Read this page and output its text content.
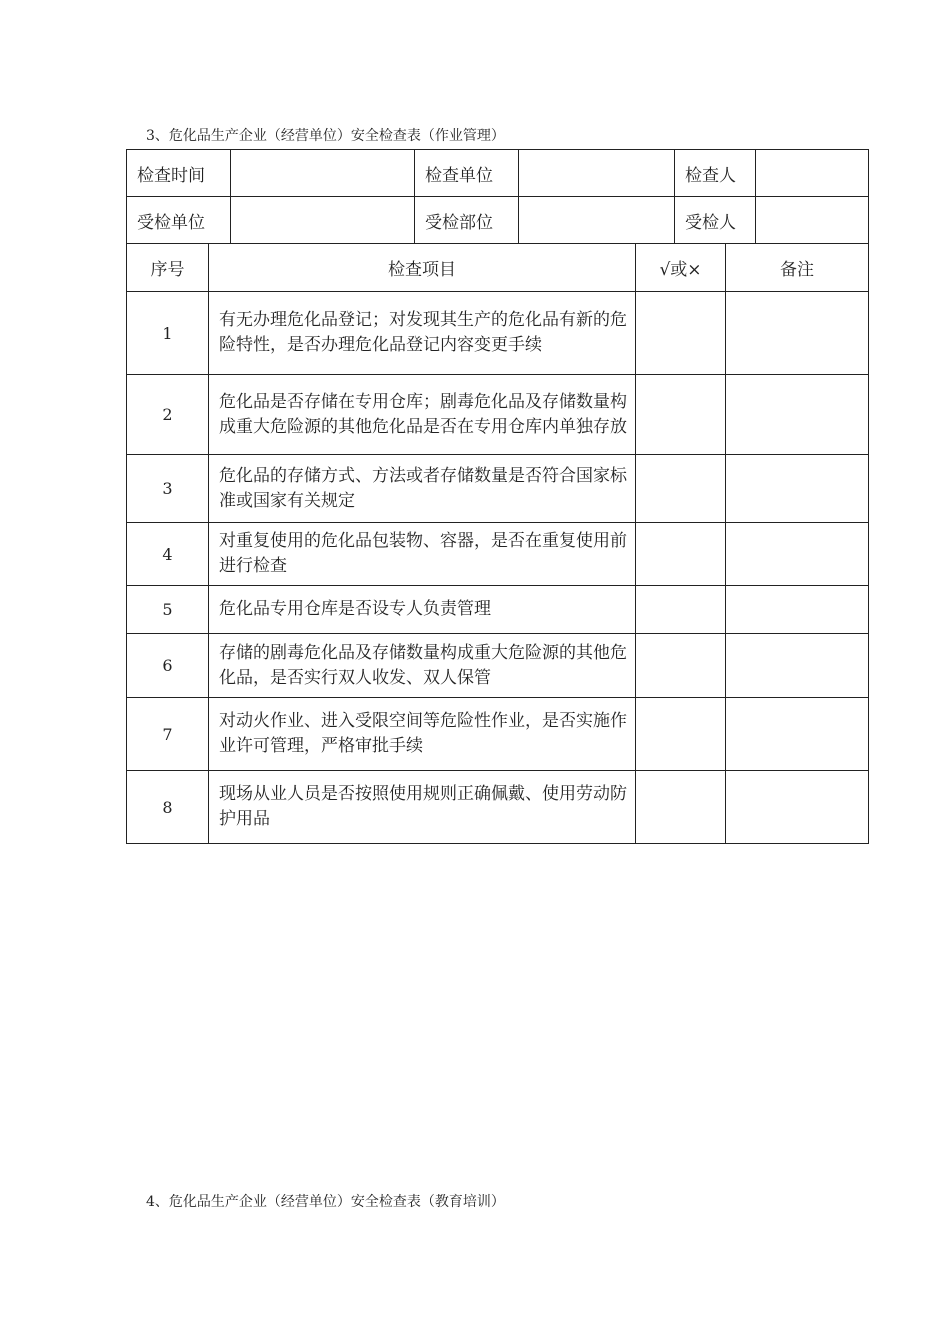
3、危化品生产企业（经营单位）安全检查表（作业管理）
检查时间		检查单位		检查人	
受检单位		受检部位		受检人	
序号	检查项目	√或×	备注
1	有无办理危化品登记；对发现其生产的危化品有新的危险特性，是否办理危化品登记内容变更手续		
2	危化品是否存储在专用仓库；剧毒危化品及存储数量构成重大危险源的其他危化品是否在专用仓库内单独存放		
3	危化品的存储方式、方法或者存储数量是否符合国家标准或国家有关规定		
4	对重复使用的危化品包装物、容器，是否在重复使用前进行检查		
5	危化品专用仓库是否设专人负责管理		
6	存储的剧毒危化品及存储数量构成重大危险源的其他危化品，是否实行双人收发、双人保管		
7	对动火作业、进入受限空间等危险性作业，是否实施作业许可管理，严格审批手续		
8	现场从业人员是否按照使用规则正确佩戴、使用劳动防护用品		
4、危化品生产企业（经营单位）安全检查表（教育培训）
